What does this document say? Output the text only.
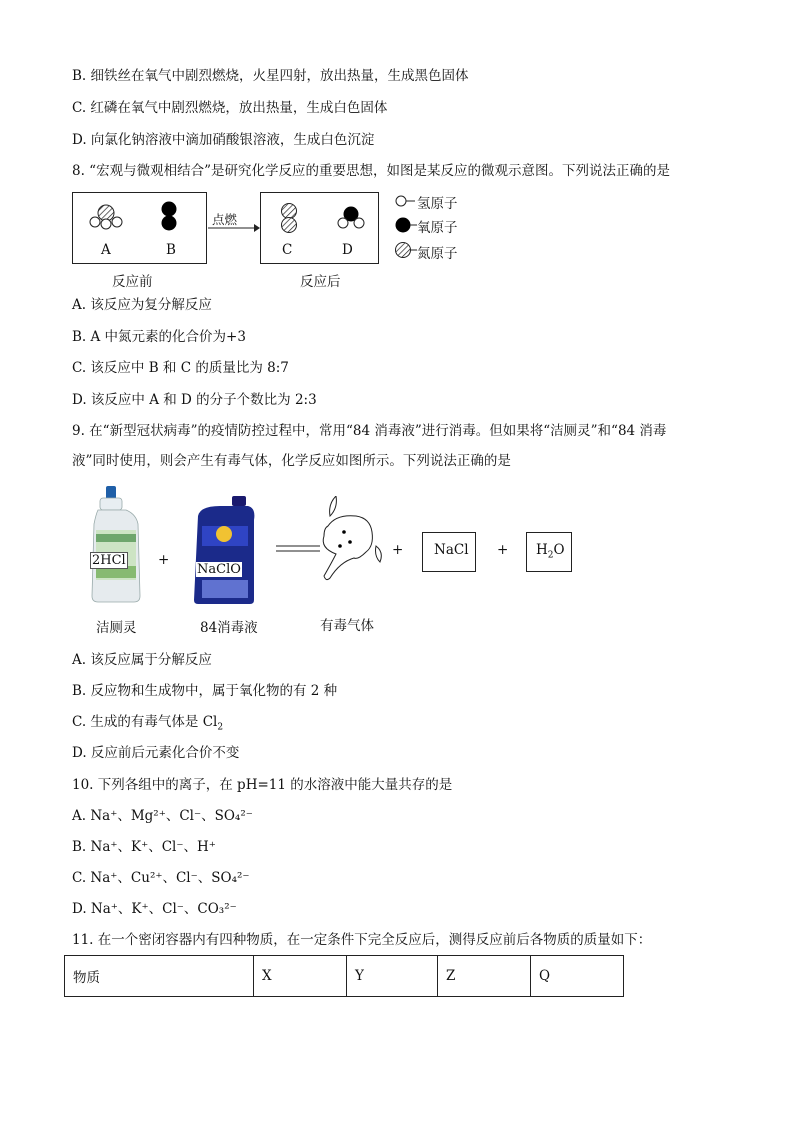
B. 细铁丝在氧气中剧烈燃烧，火星四射，放出热量，生成黑色固体
C. 红磷在氧气中剧烈燃烧，放出热量，生成白色固体
D. 向氯化钠溶液中滴加硝酸银溶液，生成白色沉淀
8. “宏观与微观相结合”是研究化学反应的重要思想，如图是某反应的微观示意图。下列说法正确的是
A	B
点燃
C	D
反应前	反应后
氢原子
氧原子
氮原子
A. 该反应为复分解反应
B. A 中氮元素的化合价为+3
C. 该反应中 B 和 C 的质量比为 8:7
D. 该反应中 A 和 D 的分子个数比为 2:3
9. 在“新型冠状病毒”的疫情防控过程中，常用“84 消毒液”进行消毒。但如果将“洁厕灵”和“84 消毒
液”同时使用，则会产生有毒气体，化学反应如图所示。下列说法正确的是
2HCl +
NaClO
+ NaCl + $H_2O$
洁厕灵	84消毒液	有毒气体
A. 该反应属于分解反应
B. 反应物和生成物中，属于氧化物的有 2 种
C. 生成的有毒气体是 $Cl_2$
D. 反应前后元素化合价不变
10. 下列各组中的离子，在 pH=11 的水溶液中能大量共存的是
A. Na⁺、Mg²⁺、Cl⁻、SO₄²⁻
B. Na⁺、K⁺、Cl⁻、H⁺
C. Na⁺、Cu²⁺、Cl⁻、SO₄²⁻
D. Na⁺、K⁺、Cl⁻、CO₃²⁻
11. 在一个密闭容器内有四种物质，在一定条件下完全反应后，测得反应前后各物质的质量如下：
物质	X	Y	Z	Q
